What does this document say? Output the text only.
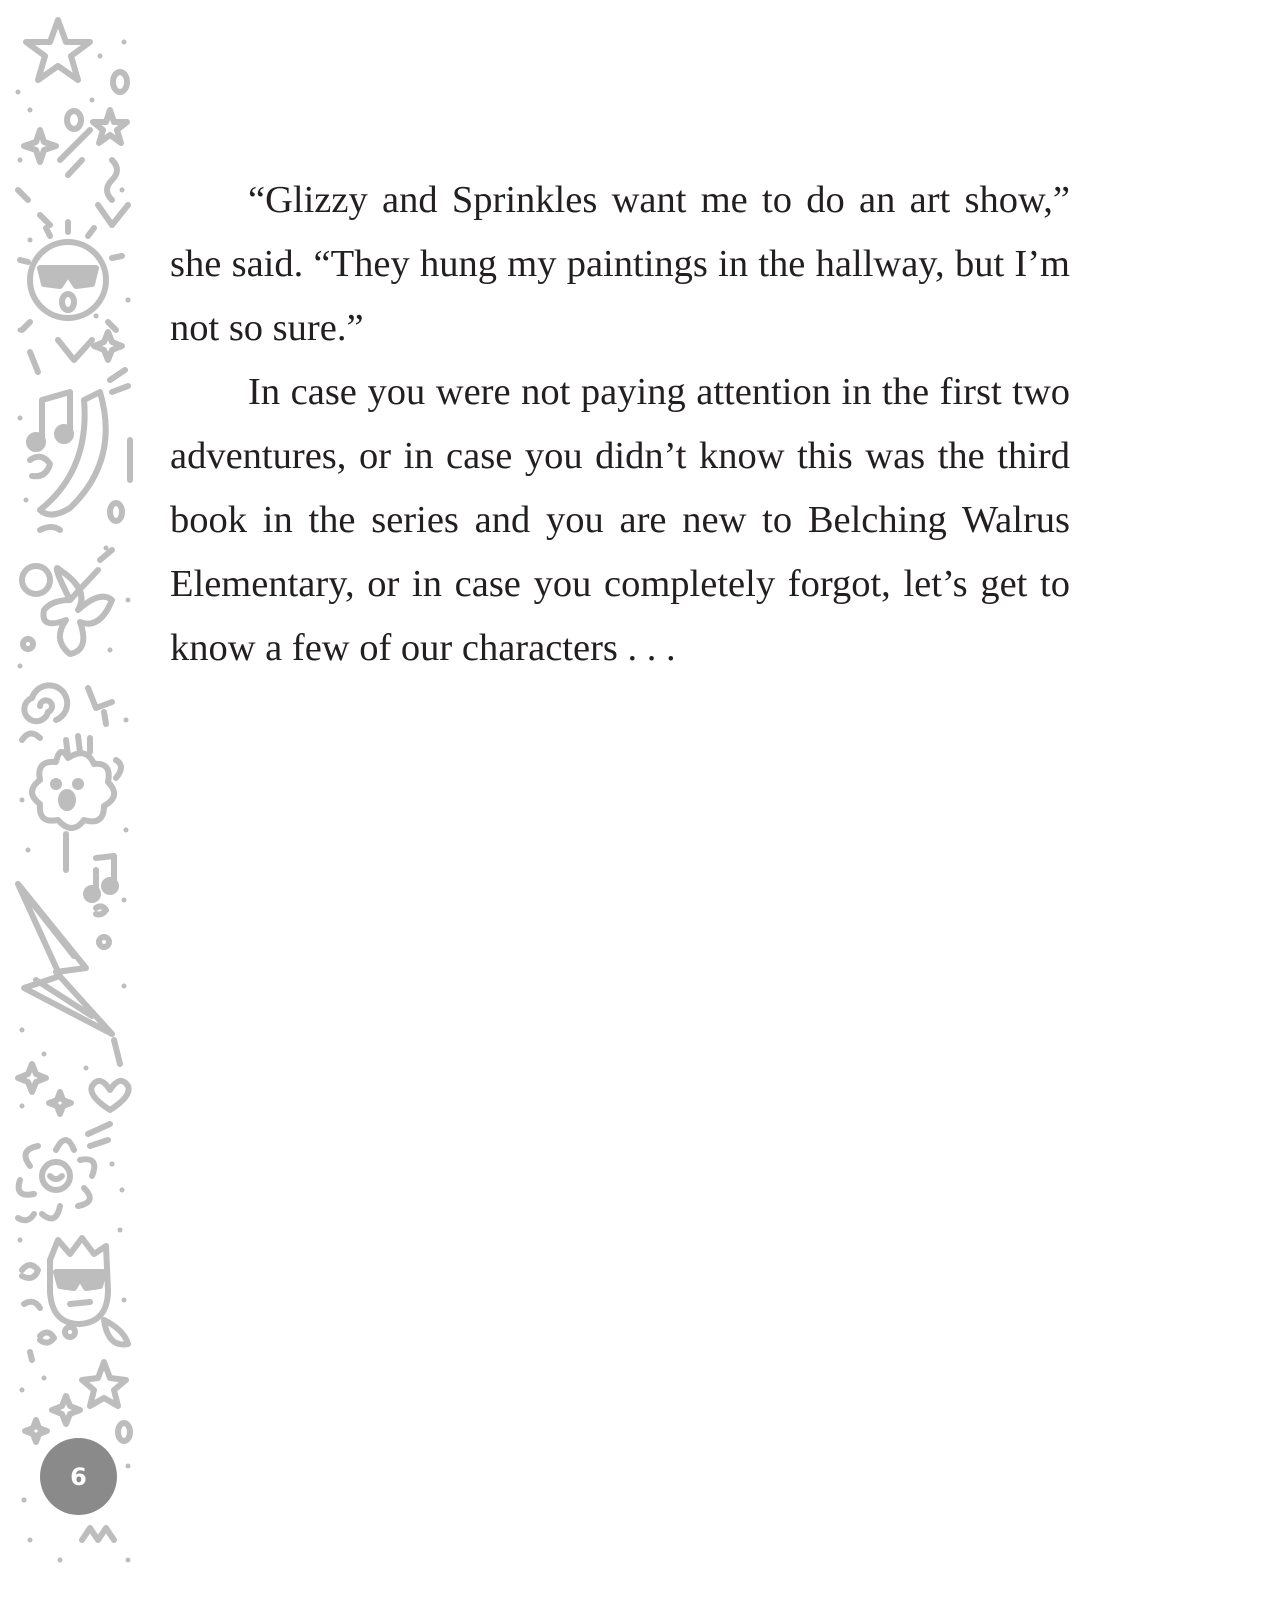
“Glizzy and Sprinkles want me to do an art show,” she said. “They hung my paintings in the hallway, but I’m not so sure.”

In case you were not paying attention in the first two adventures, or in case you didn’t know this was the third book in the series and you are new to Belching Walrus Elementary, or in case you completely forgot, let’s get to know a few of our characters . . .

6
